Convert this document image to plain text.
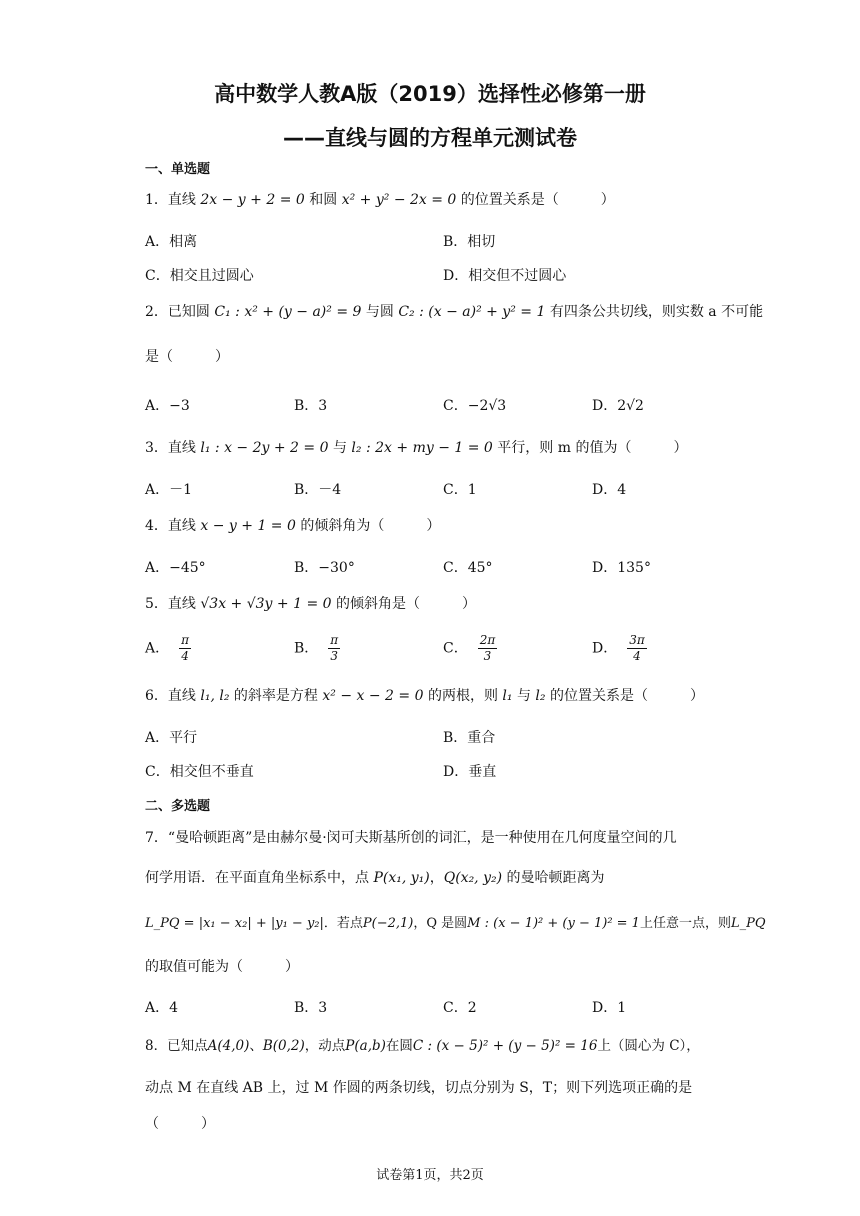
高中数学人教A版（2019）选择性必修第一册
——直线与圆的方程单元测试卷
一、单选题
1．直线 2x − y + 2 = 0 和圆 x² + y² − 2x = 0 的位置关系是（　　　）
A．相离	B．相切
C．相交且过圆心	D．相交但不过圆心
2．已知圆 C₁ : x² + (y − a)² = 9 与圆 C₂ : (x − a)² + y² = 1 有四条公共切线，则实数 a 不可能
是（　　　）
A．−3	B．3	C．−2√3	D．2√2
3．直线 l₁ : x − 2y + 2 = 0 与 l₂ : 2x + my − 1 = 0 平行，则 m 的值为（　　　）
A．－1	B．－4	C．1	D．4
4．直线 x − y + 1 = 0 的倾斜角为（　　　）
A．−45°	B．−30°	C．45°	D．135°
5．直线 √3x + √3y + 1 = 0 的倾斜角是（　　　）
A． $\frac{\pi}{4}$	B． $\frac{\pi}{3}$	C． $\frac{2\pi}{3}$	D． $\frac{3\pi}{4}$
6．直线 l₁, l₂ 的斜率是方程 x² − x − 2 = 0 的两根，则 l₁ 与 l₂ 的位置关系是（　　　）
A．平行	B．重合
C．相交但不垂直	D．垂直
二、多选题
7．“曼哈顿距离”是由赫尔曼·闵可夫斯基所创的词汇，是一种使用在几何度量空间的几
何学用语．在平面直角坐标系中，点 P(x₁, y₁)，Q(x₂, y₂) 的曼哈顿距离为
L_PQ = |x₁ − x₂| + |y₁ − y₂|．若点P(−2,1)，Q 是圆M : (x − 1)² + (y − 1)² = 1上任意一点，则L_PQ
的取值可能为（　　　）
A．4	B．3	C．2	D．1
8．已知点A(4,0)、B(0,2)，动点P(a,b)在圆C : (x − 5)² + (y − 5)² = 16上（圆心为 C），
动点 M 在直线 AB 上，过 M 作圆的两条切线，切点分别为 S，T；则下列选项正确的是
（　　　）
试卷第1页，共2页
